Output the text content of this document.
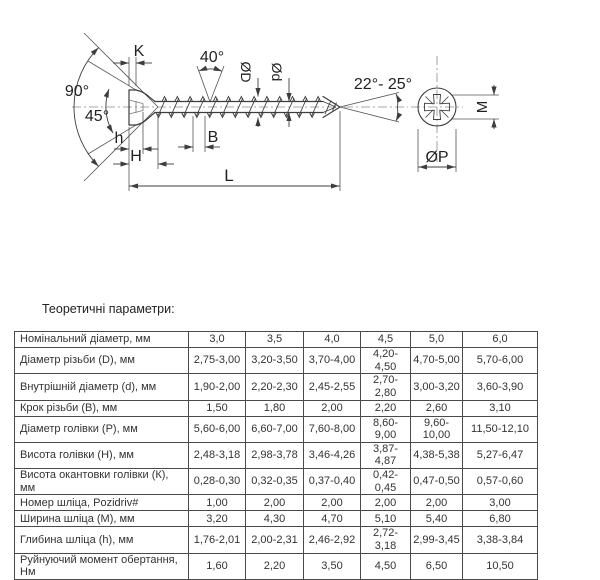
90°
45°
K	40°
ØD Ød
22°- 25°
h
H
B
L
M
ØP
Теоретичні параметри:
Номінальний діаметр, мм	3,0	3,5	4,0	4,5	5,0	6,0
Діаметр різьби (D), мм	2,75-3,00	3,20-3,50	3,70-4,00	4,20-4,50	4,70-5,00	5,70-6,00
Внутрішній діаметр (d), мм	1,90-2,00	2,20-2,30	2,45-2,55	2,70-2,80	3,00-3,20	3,60-3,90
Крок різьби (В), мм	1,50	1,80	2,00	2,20	2,60	3,10
Діаметр голівки (Р), мм	5,60-6,00	6,60-7,00	7,60-8,00	8,60-9,00	9,60-10,00	11,50-12,10
Висота голівки (Н), мм	2,48-3,18	2,98-3,78	3,46-4,26	3,87-4,87	4,38-5,38	5,27-6,47
Висота окантовки голівки (К), мм	0,28-0,30	0,32-0,35	0,37-0,40	0,42-0,45	0,47-0,50	0,57-0,60
Номер шліца, Pozidriv#	1,00	2,00	2,00	2,00	2,00	3,00
Ширина шліца (М), мм	3,20	4,30	4,70	5,10	5,40	6,80
Глибина шліца (h), мм	1,76-2,01	2,00-2,31	2,46-2,92	2,72-3,18	2,99-3,45	3,38-3,84
Руйнуючий момент обертання, Нм	1,60	2,20	3,50	4,50	6,50	10,50
